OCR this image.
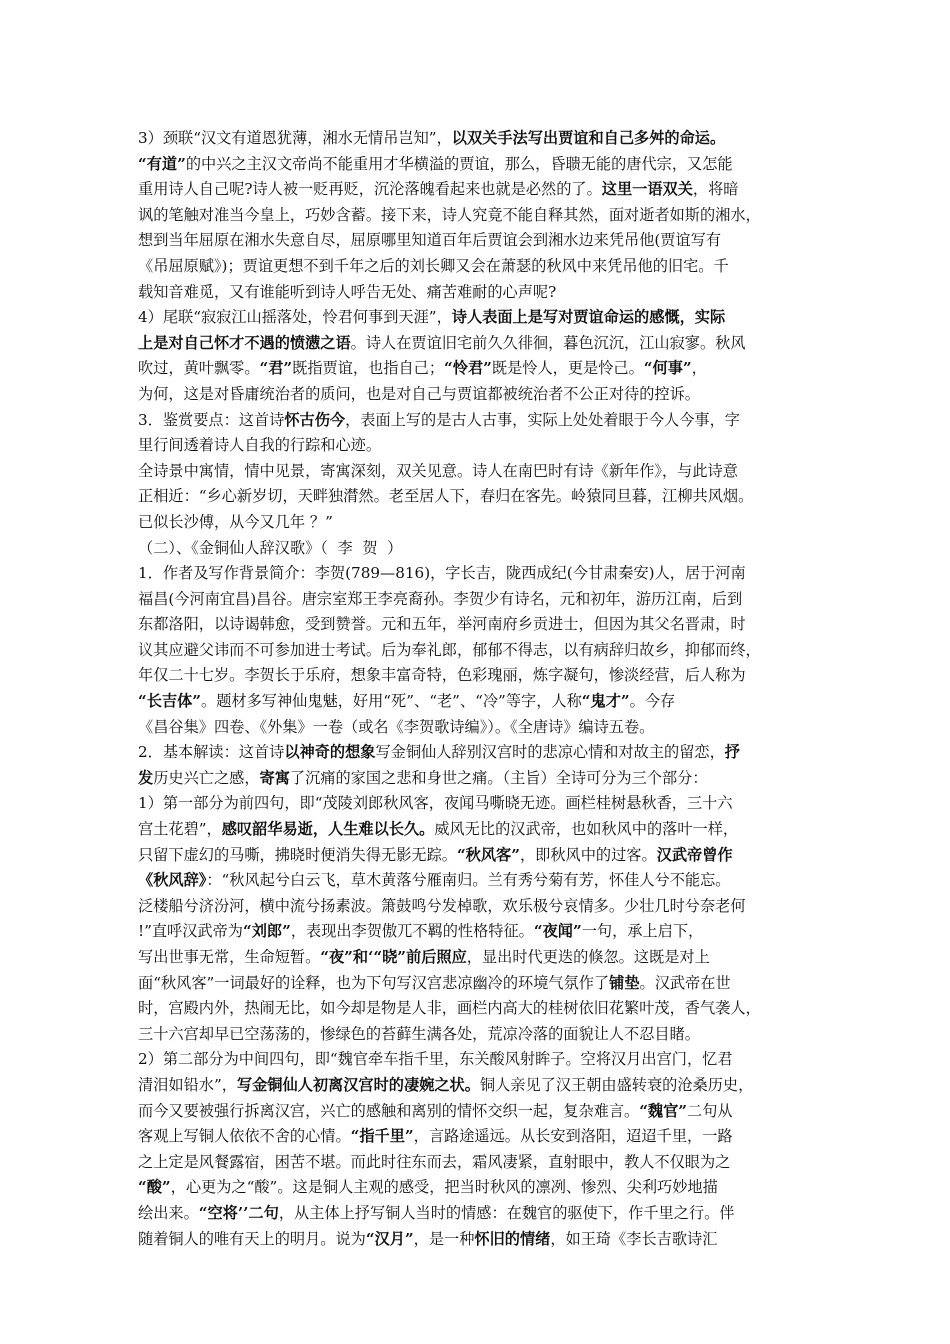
3）颈联“汉文有道恩犹薄，湘水无情吊岂知”，以双关手法写出贾谊和自己多舛的命运。
“有道”的中兴之主汉文帝尚不能重用才华横溢的贾谊，那么，昏聩无能的唐代宗，又怎能
重用诗人自己呢?诗人被一贬再贬，沉沦落魄看起来也就是必然的了。这里一语双关，将暗
讽的笔触对准当今皇上，巧妙含蓄。接下来，诗人究竟不能自释其然，面对逝者如斯的湘水，
想到当年屈原在湘水失意自尽，屈原哪里知道百年后贾谊会到湘水边来凭吊他(贾谊写有
《吊屈原赋》)；贾谊更想不到千年之后的刘长卿又会在萧瑟的秋风中来凭吊他的旧宅。千
载知音难觅，又有谁能听到诗人呼告无处、痛苦难耐的心声呢?
4）尾联“寂寂江山摇落处，怜君何事到天涯”，诗人表面上是写对贾谊命运的感慨，实际
上是对自己怀才不遇的愤懑之语。诗人在贾谊旧宅前久久徘徊，暮色沉沉，江山寂寥。秋风
吹过，黄叶飘零。“君”既指贾谊，也指自己；“怜君”既是怜人，更是怜己。“何事”，
为何，这是对昏庸统治者的质问，也是对自己与贾谊都被统治者不公正对待的控诉。
3．鉴赏要点：这首诗怀古伤今，表面上写的是古人古事，实际上处处着眼于今人今事，字
里行间透着诗人自我的行踪和心迹。
全诗景中寓情，情中见景，寄寓深刻，双关见意。诗人在南巴时有诗《新年作》，与此诗意
正相近：“乡心新岁切，天畔独潸然。老至居人下，春归在客先。岭猿同旦暮，江柳共风烟。
已似长沙傅，从今又几年 ？”
（二）、《金铜仙人辞汉歌》（  李  贺  ）
1．作者及写作背景简介：李贺(789—816)，字长吉，陇西成纪(今甘肃秦安)人，居于河南
福昌(今河南宜昌)昌谷。唐宗室郑王李亮裔孙。李贺少有诗名，元和初年，游历江南，后到
东都洛阳，以诗谒韩愈，受到赞誉。元和五年，举河南府乡贡进士，但因为其父名晋肃，时
议其应避父讳而不可参加进士考试。后为奉礼郎，郁郁不得志，以有病辞归故乡，抑郁而终，
年仅二十七岁。李贺长于乐府，想象丰富奇特，色彩瑰丽，炼字凝句，惨淡经营，后人称为
“长吉体”。题材多写神仙鬼魅，好用“死”、“老”、“冷”等字，人称“鬼才”。今存
《昌谷集》四卷、《外集》一卷（或名《李贺歌诗编》）。《全唐诗》编诗五卷。
2．基本解读：这首诗以神奇的想象写金铜仙人辞别汉宫时的悲凉心情和对故主的留恋，抒
发历史兴亡之感，寄寓了沉痛的家国之悲和身世之痛。（主旨）全诗可分为三个部分：
1）第一部分为前四句，即“茂陵刘郎秋风客，夜闻马嘶晓无迹。画栏桂树悬秋香，三十六
宫土花碧”，感叹韶华易逝，人生难以长久。威风无比的汉武帝，也如秋风中的落叶一样，
只留下虚幻的马嘶，拂晓时便消失得无影无踪。“秋风客”，即秋风中的过客。汉武帝曾作
《秋风辞》：“秋风起兮白云飞，草木黄落兮雁南归。兰有秀兮菊有芳，怀佳人兮不能忘。
泛楼船兮济汾河，横中流兮扬素波。箫鼓鸣兮发棹歌，欢乐极兮哀情多。少壮几时兮奈老何
!”直呼汉武帝为“刘郎”，表现出李贺傲兀不羁的性格特征。“夜闻”一句，承上启下，
写出世事无常，生命短暂。“夜”和‘“晓”前后照应，显出时代更迭的倏忽。这既是对上
面“秋风客”一词最好的诠释，也为下句写汉宫悲凉幽冷的环境气氛作了铺垫。汉武帝在世
时，宫殿内外，热闹无比，如今却是物是人非，画栏内高大的桂树依旧花繁叶茂，香气袭人，
三十六宫却早已空荡荡的，惨绿色的苔藓生满各处，荒凉冷落的面貌让人不忍目睹。
2）第二部分为中间四句，即“魏官牵车指千里，东关酸风射眸子。空将汉月出宫门，忆君
清泪如铅水”，写金铜仙人初离汉宫时的凄婉之状。铜人亲见了汉王朝由盛转衰的沧桑历史，
而今又要被强行拆离汉宫，兴亡的感触和离别的情怀交织一起，复杂难言。“魏官”二句从
客观上写铜人依依不舍的心情。“指千里”，言路途遥远。从长安到洛阳，迢迢千里，一路
之上定是风餐露宿，困苦不堪。而此时往东而去，霜风凄紧，直射眼中，教人不仅眼为之
“酸”，心更为之“酸”。这是铜人主观的感受，把当时秋风的凛冽、惨烈、尖利巧妙地描
绘出来。“空将’’二句，从主体上抒写铜人当时的情感：在魏官的驱使下，作千里之行。伴
随着铜人的唯有天上的明月。说为“汉月”，是一种怀旧的情绪，如王琦《李长吉歌诗汇
